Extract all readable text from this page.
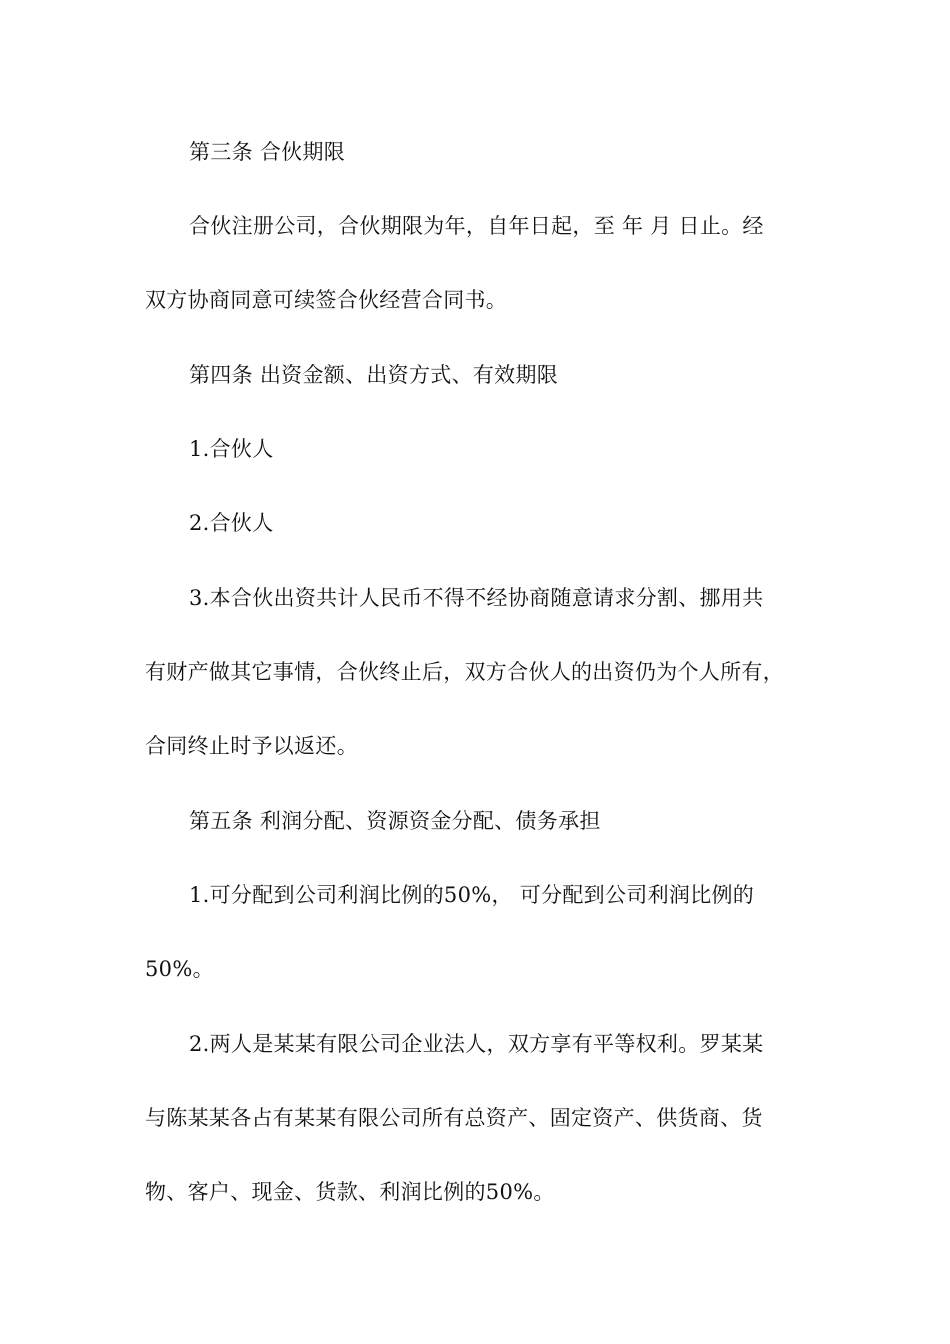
第三条 合伙期限
合伙注册公司，合伙期限为年，自年日起，至 年 月 日止。经
双方协商同意可续签合伙经营合同书。
第四条 出资金额、出资方式、有效期限
1.合伙人
2.合伙人
3.本合伙出资共计人民币不得不经协商随意请求分割、挪用共
有财产做其它事情，合伙终止后，双方合伙人的出资仍为个人所有，
合同终止时予以返还。
第五条 利润分配、资源资金分配、债务承担
1.可分配到公司利润比例的50%， 可分配到公司利润比例的
50%。
2.两人是某某有限公司企业法人，双方享有平等权利。罗某某
与陈某某各占有某某有限公司所有总资产、固定资产、供货商、货
物、客户、现金、货款、利润比例的50%。
